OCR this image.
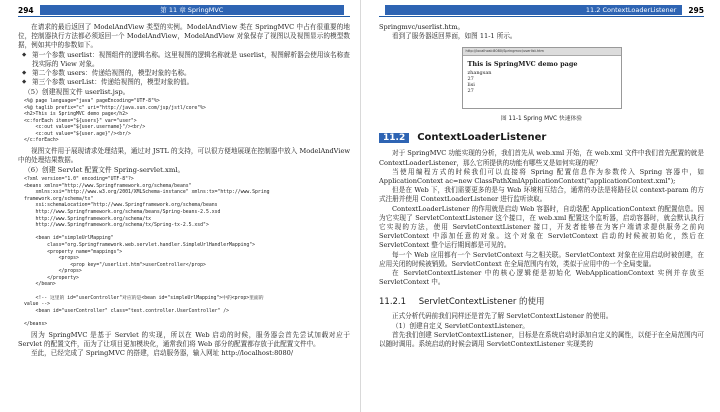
294	第 11 章 SpringMVC

在请求的最后返回了 ModelAndView 类型的实例。ModelAndView 类在 SpringMVC 中占有很重要的地位，控制器执行方法都必须返回一个 ModelAndView，ModelAndView 对象保存了视图以及视图显示的模型数据，例如其中的参数如下。

◆ 第一个参数 userlist：视图组件的逻辑名称。这里视图的逻辑名称就是 userlist，视图解析器会使用该名称查找实际的 View 对象。
◆ 第二个参数 users：传递给视图的，模型对象的名称。
◆ 第三个参数 userList：传递给视图的，模型对象的值。
（5）创建视图文件 userlist.jsp。
<%@ page language="java" pageEncoding="UTF-8"%>
<%@ taglib prefix="c" uri="http://java.sun.com/jsp/jstl/core"%>
<h2>This is SpringMVC demo page</h2>
<c:forEach items="${users}" var="user">
<c:out value="${user.username}"/><br/>
<c:out value="${user.age}"/><br/>
</c:forEach>

视图文件用于展现请求处理结果，通过对 JSTL 的支持，可以很方便地展现在控制器中放入 ModelAndView 中的处理结果数据。

（6）创建 Servlet 配置文件 Spring-servlet.xml。
<?xml version="1.0" encoding="UTF-8"?>
<beans xmlns="http://www.Springframework.org/schema/beans"
xmlns:xsi="http://www.w3.org/2001/XMLSchema-instance" xmlns:tx="http://www.Spring
framework.org/schema/tx"
xsi:schemaLocation="http://www.Springframework.org/schema/beans
http://www.Springframework.org/schema/beans/Spring-beans-2.5.xsd
http://www.Springframework.org/schema/tx
http://www.Springframework.org/schema/tx/Spring-tx-2.5.xsd">

<bean id="simpleUrlMapping"
class="org.Springframework.web.servlet.handler.SimpleUrlHandlerMapping">
<property name="mappings">
<props>
<prop key="/userlist.htm">userController</prop>
</props>
</property>
</bean>

<!-- 这里的 id="userController"对应的是<bean id="simpleUrlMapping">中的<prop>里面的
value -->
<bean id="userController" class="test.controller.UserController" />

</beans>

因为 SpringMVC 是基于 Servlet 的实现，所以在 Web 启动的时候，服务器会首先尝试加载对应于 Servlet 的配置文件，而为了让项目更加模块化，通常我们将 Web 部分的配置都存放于此配置文件中。

至此，已经完成了 SpringMVC 的搭建，启动服务器，输入网址 http://localhost:8080/

11.2 ContextLoaderListener	295

Springmvc/userlist.htm。

看到了服务器返回界面，如图 11-1 所示。

http://localhost:8080/Springmvc/userlist.htm
This is SpringMVC demo page
zhangsan
27
lisi
27
图 11-1 Spring MVC 快速体验
11.2	ContextLoaderListener

对于 SpringMVC 功能实现的分析，我们首先从 web.xml 开始，在 web.xml 文件中我们首先配置的就是 ContextLoaderListener，那么它所提供的功能有哪些又是如何实现的呢？

当使用编程方式的时候我们可以直接将 Spring 配置信息作为参数传入 Spring 容器中，如 ApplicationContext ac=new ClassPathXmlApplicationContext("applicationContext.xml");

但是在 Web 下，我们需要更多的是与 Web 环境相互结合，通常的办法是将路径以 context-param 的方式注册并使用 ContextLoaderListener 进行监听读取。

ContextLoaderListener 的作用就是启动 Web 容器时，自动装配 ApplicationContext 的配置信息。因为它实现了 ServletContextListener 这个接口，在 web.xml 配置这个监听器，启动容器时，就会默认执行它实现的方法，使用 ServletContextListener 接口，开发者能够在为客户端请求提供服务之前向 ServletContext 中添加任意的对象。这个对象在 ServletContext 启动的时候被初始化，然后在 ServletContext 整个运行期间都是可见的。

每一个 Web 应用都有一个 ServletContext 与之相关联。ServletContext 对象在应用启动时被创建，在应用关闭的时候被销毁。ServletContext 在全局范围内有效，类似于应用中的一个全局变量。

在 ServletContextListener 中的核心逻辑便是初始化 WebApplicationContext 实例并存放至 ServletContext 中。

11.2.1 ServletContextListener 的使用

正式分析代码前我们同样还是首先了解 ServletContextListener 的使用。

（1）创建自定义 ServletContextListener。

首先我们创建 ServletContextListener，目标是在系统启动时添加自定义的属性，以便于在全局范围内可以随时调用。系统启动的时候会调用 ServletContextListener 实现类的
